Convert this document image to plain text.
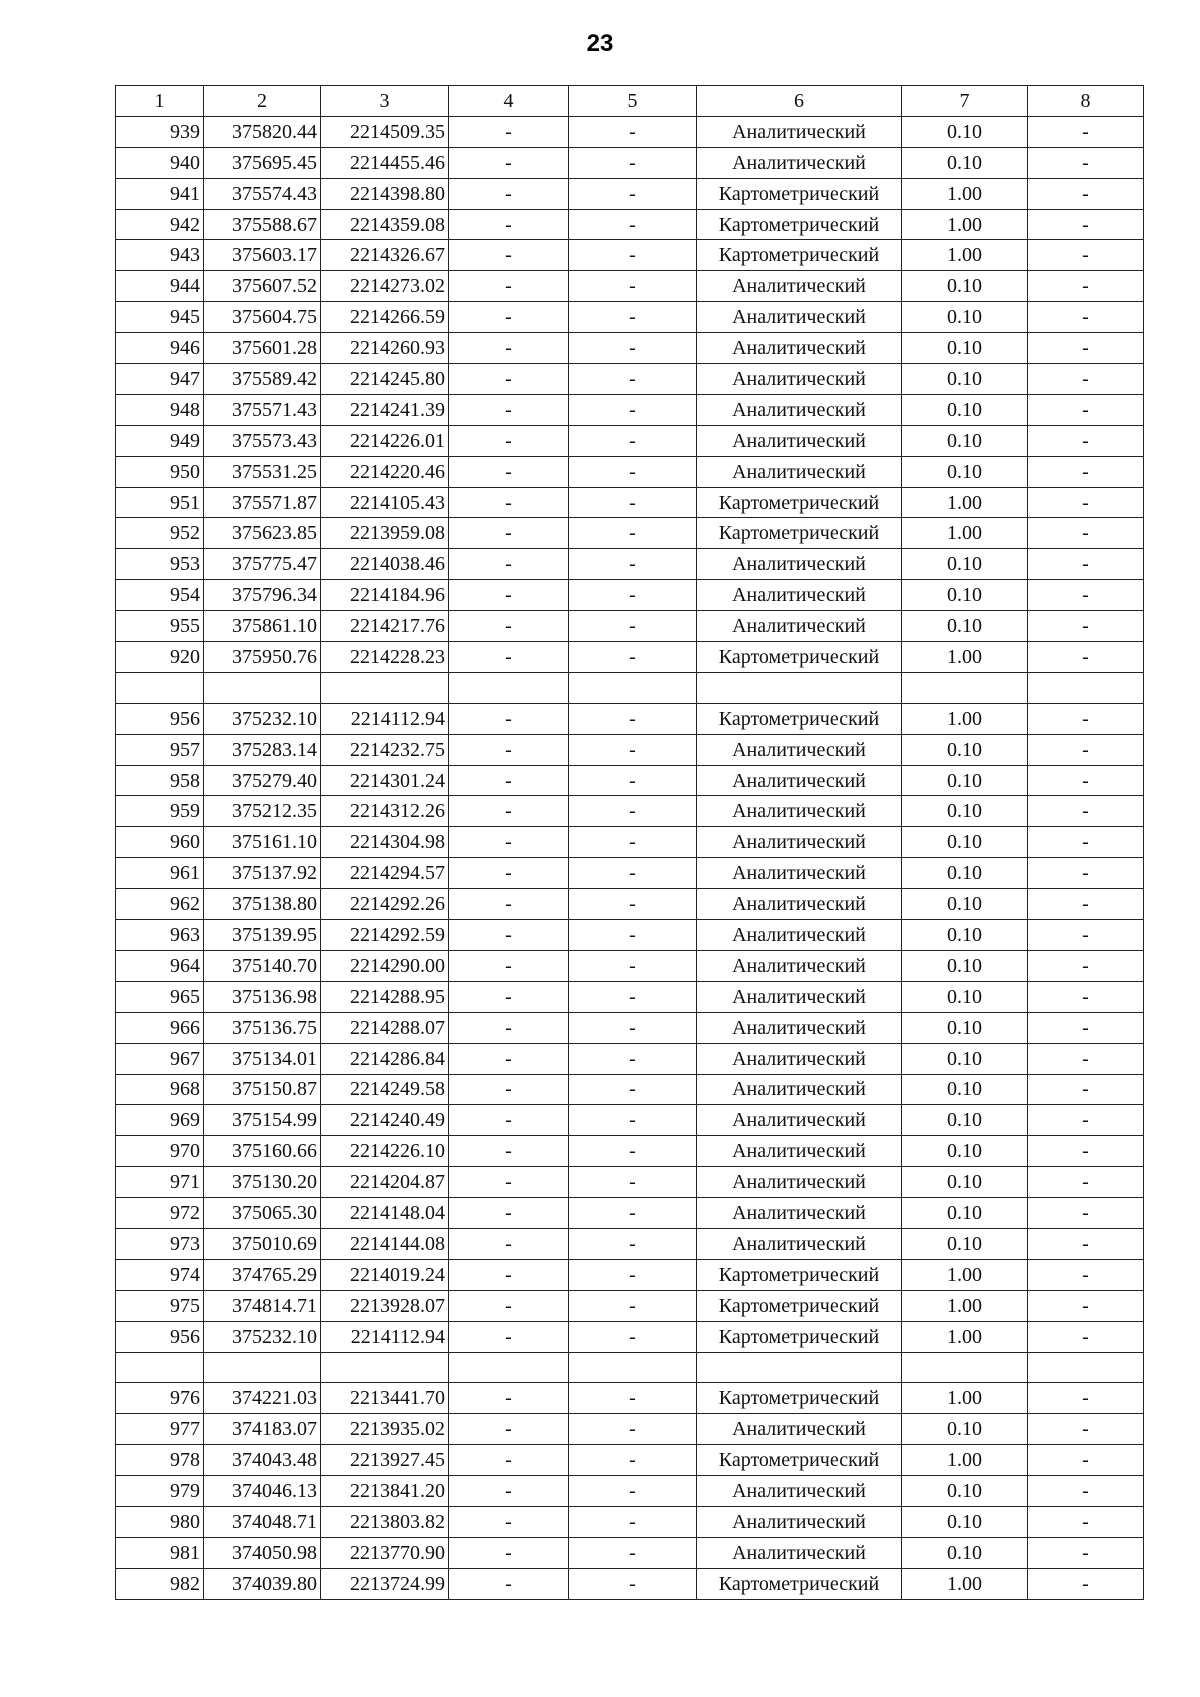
23
1	2	3	4	5	6	7	8
939	375820.44	2214509.35	-	-	Аналитический	0.10	-
940	375695.45	2214455.46	-	-	Аналитический	0.10	-
941	375574.43	2214398.80	-	-	Картометрический	1.00	-
942	375588.67	2214359.08	-	-	Картометрический	1.00	-
943	375603.17	2214326.67	-	-	Картометрический	1.00	-
944	375607.52	2214273.02	-	-	Аналитический	0.10	-
945	375604.75	2214266.59	-	-	Аналитический	0.10	-
946	375601.28	2214260.93	-	-	Аналитический	0.10	-
947	375589.42	2214245.80	-	-	Аналитический	0.10	-
948	375571.43	2214241.39	-	-	Аналитический	0.10	-
949	375573.43	2214226.01	-	-	Аналитический	0.10	-
950	375531.25	2214220.46	-	-	Аналитический	0.10	-
951	375571.87	2214105.43	-	-	Картометрический	1.00	-
952	375623.85	2213959.08	-	-	Картометрический	1.00	-
953	375775.47	2214038.46	-	-	Аналитический	0.10	-
954	375796.34	2214184.96	-	-	Аналитический	0.10	-
955	375861.10	2214217.76	-	-	Аналитический	0.10	-
920	375950.76	2214228.23	-	-	Картометрический	1.00	-

956	375232.10	2214112.94	-	-	Картометрический	1.00	-
957	375283.14	2214232.75	-	-	Аналитический	0.10	-
958	375279.40	2214301.24	-	-	Аналитический	0.10	-
959	375212.35	2214312.26	-	-	Аналитический	0.10	-
960	375161.10	2214304.98	-	-	Аналитический	0.10	-
961	375137.92	2214294.57	-	-	Аналитический	0.10	-
962	375138.80	2214292.26	-	-	Аналитический	0.10	-
963	375139.95	2214292.59	-	-	Аналитический	0.10	-
964	375140.70	2214290.00	-	-	Аналитический	0.10	-
965	375136.98	2214288.95	-	-	Аналитический	0.10	-
966	375136.75	2214288.07	-	-	Аналитический	0.10	-
967	375134.01	2214286.84	-	-	Аналитический	0.10	-
968	375150.87	2214249.58	-	-	Аналитический	0.10	-
969	375154.99	2214240.49	-	-	Аналитический	0.10	-
970	375160.66	2214226.10	-	-	Аналитический	0.10	-
971	375130.20	2214204.87	-	-	Аналитический	0.10	-
972	375065.30	2214148.04	-	-	Аналитический	0.10	-
973	375010.69	2214144.08	-	-	Аналитический	0.10	-
974	374765.29	2214019.24	-	-	Картометрический	1.00	-
975	374814.71	2213928.07	-	-	Картометрический	1.00	-
956	375232.10	2214112.94	-	-	Картометрический	1.00	-

976	374221.03	2213441.70	-	-	Картометрический	1.00	-
977	374183.07	2213935.02	-	-	Аналитический	0.10	-
978	374043.48	2213927.45	-	-	Картометрический	1.00	-
979	374046.13	2213841.20	-	-	Аналитический	0.10	-
980	374048.71	2213803.82	-	-	Аналитический	0.10	-
981	374050.98	2213770.90	-	-	Аналитический	0.10	-
982	374039.80	2213724.99	-	-	Картометрический	1.00	-
